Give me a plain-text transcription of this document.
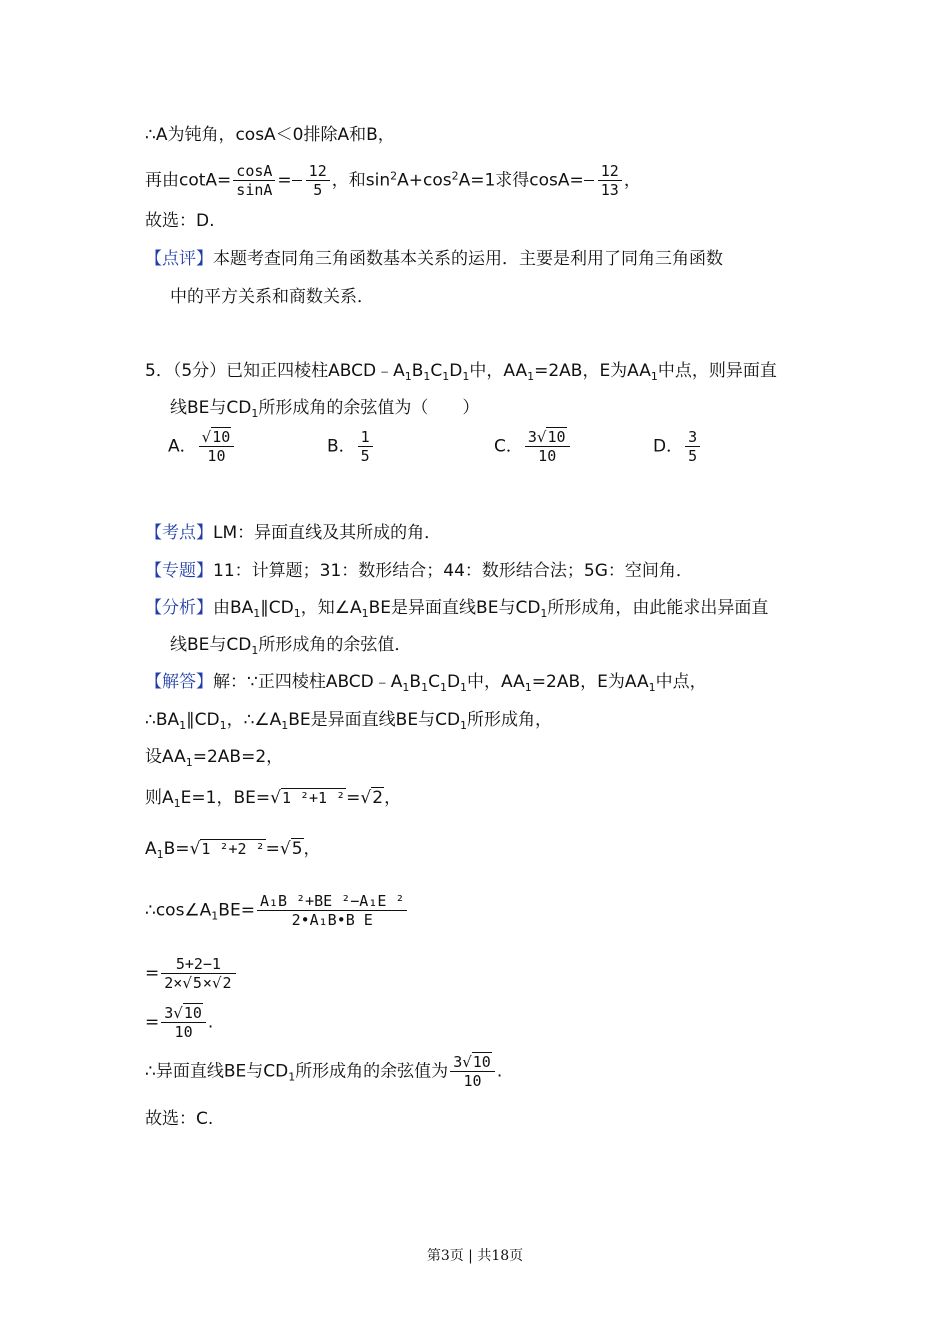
∴A为钝角，cosA＜0排除A和B，
再由$\cot A= \frac{\cos A}{\sin A} = \frac{12}{5}$ ，和$\sin^2A+\cos^2A=1$求得$\cos A= \frac{12}{13}$ ，
故选：D.
【点评】本题考查同角三角函数基本关系的运用．主要是利用了同角三角函数
中的平方关系和商数关系．
5．（5分）已知正四棱柱$ABCD﹣A_1B_1C_1D_1$中，$AA_1=2AB$，E为$AA_1$中点，则异面直
线BE与$CD_1$所形成角的余弦值为（　　）
A． $\frac{√10}{10}$	B． $\frac{1}{5}$	C． $\frac{3√10}{10}$	D． $\frac{3}{5}$
【考点】LM：异面直线及其所成的角．
【专题】11：计算题；31：数形结合；44：数形结合法；5G：空间角．
【分析】由$BA_1\parallel CD_1$，知$\angle A_1BE$是异面直线BE与$CD_1$所形成角，由此能求出异面直
线BE与$CD_1$所形成角的余弦值．
【解答】解：∵正四棱柱$ABCD﹣A_1B_1C_1D_1$中，$AA_1=2AB$，E为$AA_1$中点，
$\therefore BA_1\parallel CD_1$，$\therefore\angle A_1BE$是异面直线BE与$CD_1$所形成角，
设$AA_1=2AB=2$，
则$A_1E=1$，BE=√1 ²+1 ²=√2，
$A_1B=√1$ ²+2 ²=√5，
$\therefore\cos\angle A_1BE= \frac{\text{A₁B ²+BE ²−A₁E ²}}{\text{2•A₁B•B E}}$
= $\frac{5+2-1}{2\times√5\times√2}$
= $\frac{3√10}{10}$ .
∴异面直线BE与$CD_1$所形成角的余弦值为 $\frac{3√10}{10}$ .
故选：C.
第3页 | 共18页
